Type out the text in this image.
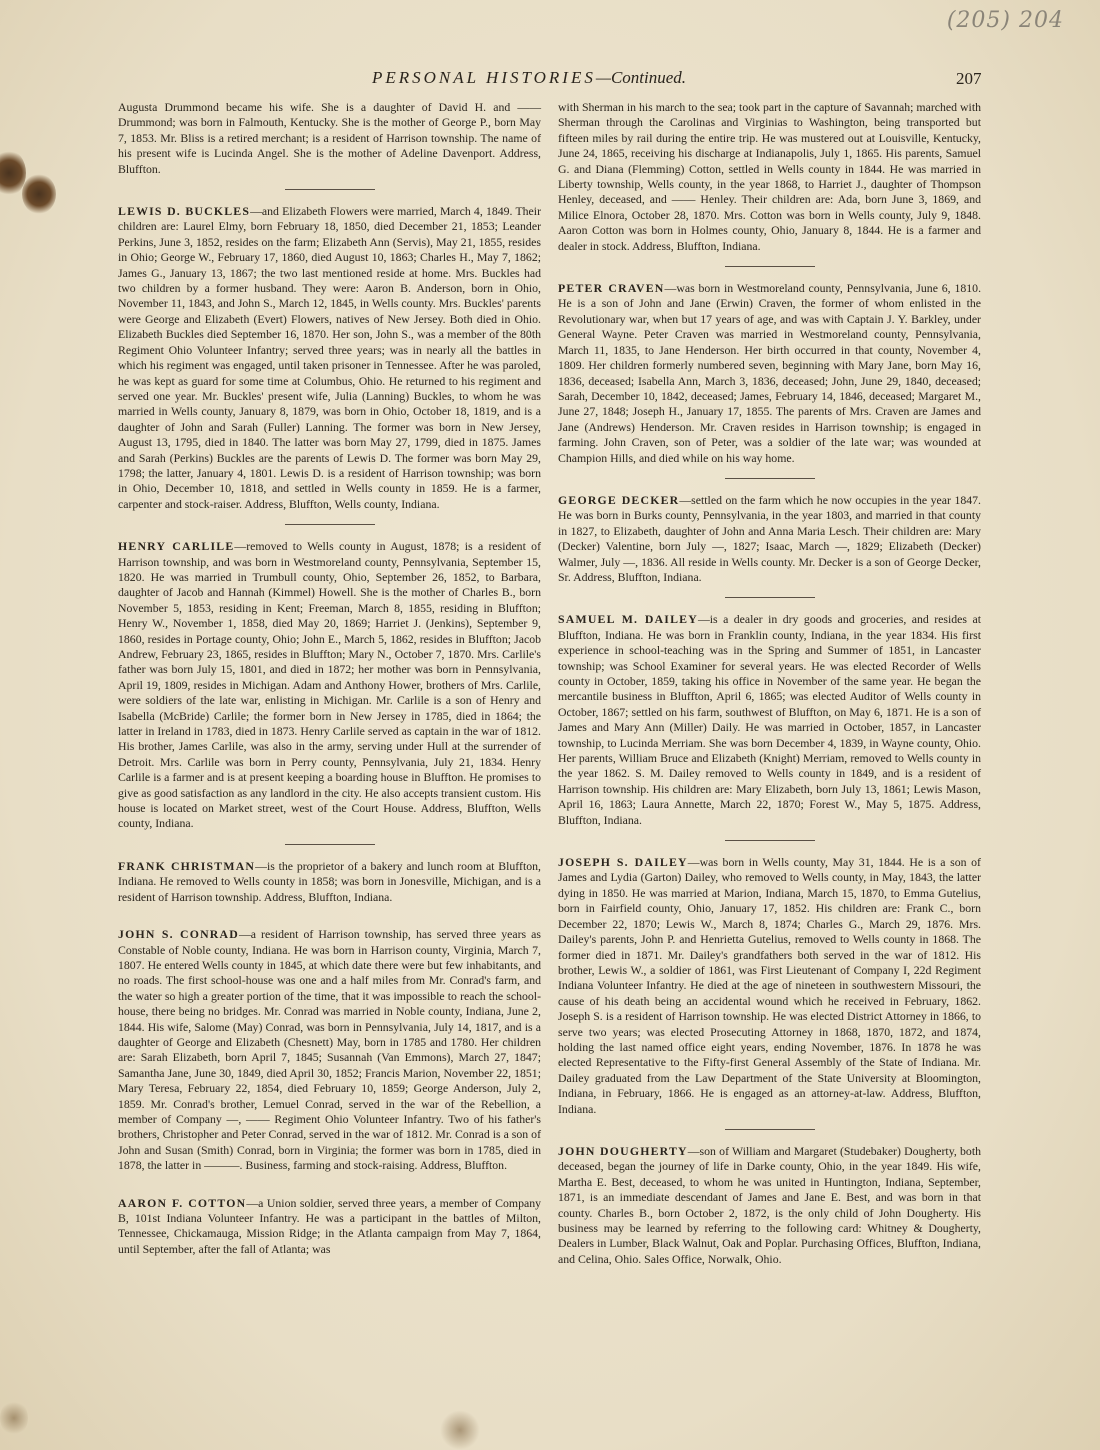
(205) 204
PERSONAL HISTORIES—Continued.	207

Augusta Drummond became his wife. She is a daughter of David H. and —— Drummond; was born in Falmouth, Kentucky. She is the mother of George P., born May 7, 1853. Mr. Bliss is a retired merchant; is a resident of Harrison township. The name of his present wife is Lucinda Angel. She is the mother of Adeline Davenport. Address, Bluffton.

LEWIS D. BUCKLES—and Elizabeth Flowers were married, March 4, 1849. Their children are: Laurel Elmy, born February 18, 1850, died December 21, 1853; Leander Perkins, June 3, 1852, resides on the farm; Elizabeth Ann (Servis), May 21, 1855, resides in Ohio; George W., February 17, 1860, died August 10, 1863; Charles H., May 7, 1862; James G., January 13, 1867; the two last mentioned reside at home. Mrs. Buckles had two children by a former husband. They were: Aaron B. Anderson, born in Ohio, November 11, 1843, and John S., March 12, 1845, in Wells county. Mrs. Buckles' parents were George and Elizabeth (Evert) Flowers, natives of New Jersey. Both died in Ohio. Elizabeth Buckles died September 16, 1870. Her son, John S., was a member of the 80th Regiment Ohio Volunteer Infantry; served three years; was in nearly all the battles in which his regiment was engaged, until taken prisoner in Tennessee. After he was paroled, he was kept as guard for some time at Columbus, Ohio. He returned to his regiment and served one year. Mr. Buckles' present wife, Julia (Lanning) Buckles, to whom he was married in Wells county, January 8, 1879, was born in Ohio, October 18, 1819, and is a daughter of John and Sarah (Fuller) Lanning. The former was born in New Jersey, August 13, 1795, died in 1840. The latter was born May 27, 1799, died in 1875. James and Sarah (Perkins) Buckles are the parents of Lewis D. The former was born May 29, 1798; the latter, January 4, 1801. Lewis D. is a resident of Harrison township; was born in Ohio, December 10, 1818, and settled in Wells county in 1859. He is a farmer, carpenter and stock-raiser. Address, Bluffton, Wells county, Indiana.

HENRY CARLILE—removed to Wells county in August, 1878; is a resident of Harrison township, and was born in Westmoreland county, Pennsylvania, September 15, 1820. He was married in Trumbull county, Ohio, September 26, 1852, to Barbara, daughter of Jacob and Hannah (Kimmel) Howell. She is the mother of Charles B., born November 5, 1853, residing in Kent; Freeman, March 8, 1855, residing in Bluffton; Henry W., November 1, 1858, died May 20, 1869; Harriet J. (Jenkins), September 9, 1860, resides in Portage county, Ohio; John E., March 5, 1862, resides in Bluffton; Jacob Andrew, February 23, 1865, resides in Bluffton; Mary N., October 7, 1870. Mrs. Carlile's father was born July 15, 1801, and died in 1872; her mother was born in Pennsylvania, April 19, 1809, resides in Michigan. Adam and Anthony Hower, brothers of Mrs. Carlile, were soldiers of the late war, enlisting in Michigan. Mr. Carlile is a son of Henry and Isabella (McBride) Carlile; the former born in New Jersey in 1785, died in 1864; the latter in Ireland in 1783, died in 1873. Henry Carlile served as captain in the war of 1812. His brother, James Carlile, was also in the army, serving under Hull at the surrender of Detroit. Mrs. Carlile was born in Perry county, Pennsylvania, July 21, 1834. Henry Carlile is a farmer and is at present keeping a boarding house in Bluffton. He promises to give as good satisfaction as any landlord in the city. He also accepts transient custom. His house is located on Market street, west of the Court House. Address, Bluffton, Wells county, Indiana.

FRANK CHRISTMAN—is the proprietor of a bakery and lunch room at Bluffton, Indiana. He removed to Wells county in 1858; was born in Jonesville, Michigan, and is a resident of Harrison township. Address, Bluffton, Indiana.

JOHN S. CONRAD—a resident of Harrison township, has served three years as Constable of Noble county, Indiana. He was born in Harrison county, Virginia, March 7, 1807. He entered Wells county in 1845, at which date there were but few inhabitants, and no roads. The first school-house was one and a half miles from Mr. Conrad's farm, and the water so high a greater portion of the time, that it was impossible to reach the school-house, there being no bridges. Mr. Conrad was married in Noble county, Indiana, June 2, 1844. His wife, Salome (May) Conrad, was born in Pennsylvania, July 14, 1817, and is a daughter of George and Elizabeth (Chesnett) May, born in 1785 and 1780. Her children are: Sarah Elizabeth, born April 7, 1845; Susannah (Van Emmons), March 27, 1847; Samantha Jane, June 30, 1849, died April 30, 1852; Francis Marion, November 22, 1851; Mary Teresa, February 22, 1854, died February 10, 1859; George Anderson, July 2, 1859. Mr. Conrad's brother, Lemuel Conrad, served in the war of the Rebellion, a member of Company —, —— Regiment Ohio Volunteer Infantry. Two of his father's brothers, Christopher and Peter Conrad, served in the war of 1812. Mr. Conrad is a son of John and Susan (Smith) Conrad, born in Virginia; the former was born in 1785, died in 1878, the latter in ———. Business, farming and stock-raising. Address, Bluffton.

AARON F. COTTON—a Union soldier, served three years, a member of Company B, 101st Indiana Volunteer Infantry. He was a participant in the battles of Milton, Tennessee, Chickamauga, Mission Ridge; in the Atlanta campaign from May 7, 1864, until September, after the fall of Atlanta; was

with Sherman in his march to the sea; took part in the capture of Savannah; marched with Sherman through the Carolinas and Virginias to Washington, being transported but fifteen miles by rail during the entire trip. He was mustered out at Louisville, Kentucky, June 24, 1865, receiving his discharge at Indianapolis, July 1, 1865. His parents, Samuel G. and Diana (Flemming) Cotton, settled in Wells county in 1844. He was married in Liberty township, Wells county, in the year 1868, to Harriet J., daughter of Thompson Henley, deceased, and —— Henley. Their children are: Ada, born June 3, 1869, and Milice Elnora, October 28, 1870. Mrs. Cotton was born in Wells county, July 9, 1848. Aaron Cotton was born in Holmes county, Ohio, January 8, 1844. He is a farmer and dealer in stock. Address, Bluffton, Indiana.

PETER CRAVEN—was born in Westmoreland county, Pennsylvania, June 6, 1810. He is a son of John and Jane (Erwin) Craven, the former of whom enlisted in the Revolutionary war, when but 17 years of age, and was with Captain J. Y. Barkley, under General Wayne. Peter Craven was married in Westmoreland county, Pennsylvania, March 11, 1835, to Jane Henderson. Her birth occurred in that county, November 4, 1809. Her children formerly numbered seven, beginning with Mary Jane, born May 16, 1836, deceased; Isabella Ann, March 3, 1836, deceased; John, June 29, 1840, deceased; Sarah, December 10, 1842, deceased; James, February 14, 1846, deceased; Margaret M., June 27, 1848; Joseph H., January 17, 1855. The parents of Mrs. Craven are James and Jane (Andrews) Henderson. Mr. Craven resides in Harrison township; is engaged in farming. John Craven, son of Peter, was a soldier of the late war; was wounded at Champion Hills, and died while on his way home.

GEORGE DECKER—settled on the farm which he now occupies in the year 1847. He was born in Burks county, Pennsylvania, in the year 1803, and married in that county in 1827, to Elizabeth, daughter of John and Anna Maria Lesch. Their children are: Mary (Decker) Valentine, born July —, 1827; Isaac, March —, 1829; Elizabeth (Decker) Walmer, July —, 1836. All reside in Wells county. Mr. Decker is a son of George Decker, Sr. Address, Bluffton, Indiana.

SAMUEL M. DAILEY—is a dealer in dry goods and groceries, and resides at Bluffton, Indiana. He was born in Franklin county, Indiana, in the year 1834. His first experience in school-teaching was in the Spring and Summer of 1851, in Lancaster township; was School Examiner for several years. He was elected Recorder of Wells county in October, 1859, taking his office in November of the same year. He began the mercantile business in Bluffton, April 6, 1865; was elected Auditor of Wells county in October, 1867; settled on his farm, southwest of Bluffton, on May 6, 1871. He is a son of James and Mary Ann (Miller) Daily. He was married in October, 1857, in Lancaster township, to Lucinda Merriam. She was born December 4, 1839, in Wayne county, Ohio. Her parents, William Bruce and Elizabeth (Knight) Merriam, removed to Wells county in the year 1862. S. M. Dailey removed to Wells county in 1849, and is a resident of Harrison township. His children are: Mary Elizabeth, born July 13, 1861; Lewis Mason, April 16, 1863; Laura Annette, March 22, 1870; Forest W., May 5, 1875. Address, Bluffton, Indiana.

JOSEPH S. DAILEY—was born in Wells county, May 31, 1844. He is a son of James and Lydia (Garton) Dailey, who removed to Wells county, in May, 1843, the latter dying in 1850. He was married at Marion, Indiana, March 15, 1870, to Emma Gutelius, born in Fairfield county, Ohio, January 17, 1852. His children are: Frank C., born December 22, 1870; Lewis W., March 8, 1874; Charles G., March 29, 1876. Mrs. Dailey's parents, John P. and Henrietta Gutelius, removed to Wells county in 1868. The former died in 1871. Mr. Dailey's grandfathers both served in the war of 1812. His brother, Lewis W., a soldier of 1861, was First Lieutenant of Company I, 22d Regiment Indiana Volunteer Infantry. He died at the age of nineteen in southwestern Missouri, the cause of his death being an accidental wound which he received in February, 1862. Joseph S. is a resident of Harrison township. He was elected District Attorney in 1866, to serve two years; was elected Prosecuting Attorney in 1868, 1870, 1872, and 1874, holding the last named office eight years, ending November, 1876. In 1878 he was elected Representative to the Fifty-first General Assembly of the State of Indiana. Mr. Dailey graduated from the Law Department of the State University at Bloomington, Indiana, in February, 1866. He is engaged as an attorney-at-law. Address, Bluffton, Indiana.

JOHN DOUGHERTY—son of William and Margaret (Studebaker) Dougherty, both deceased, began the journey of life in Darke county, Ohio, in the year 1849. His wife, Martha E. Best, deceased, to whom he was united in Huntington, Indiana, September, 1871, is an immediate descendant of James and Jane E. Best, and was born in that county. Charles B., born October 2, 1872, is the only child of John Dougherty. His business may be learned by referring to the following card: Whitney & Dougherty, Dealers in Lumber, Black Walnut, Oak and Poplar. Purchasing Offices, Bluffton, Indiana, and Celina, Ohio. Sales Office, Norwalk, Ohio.
